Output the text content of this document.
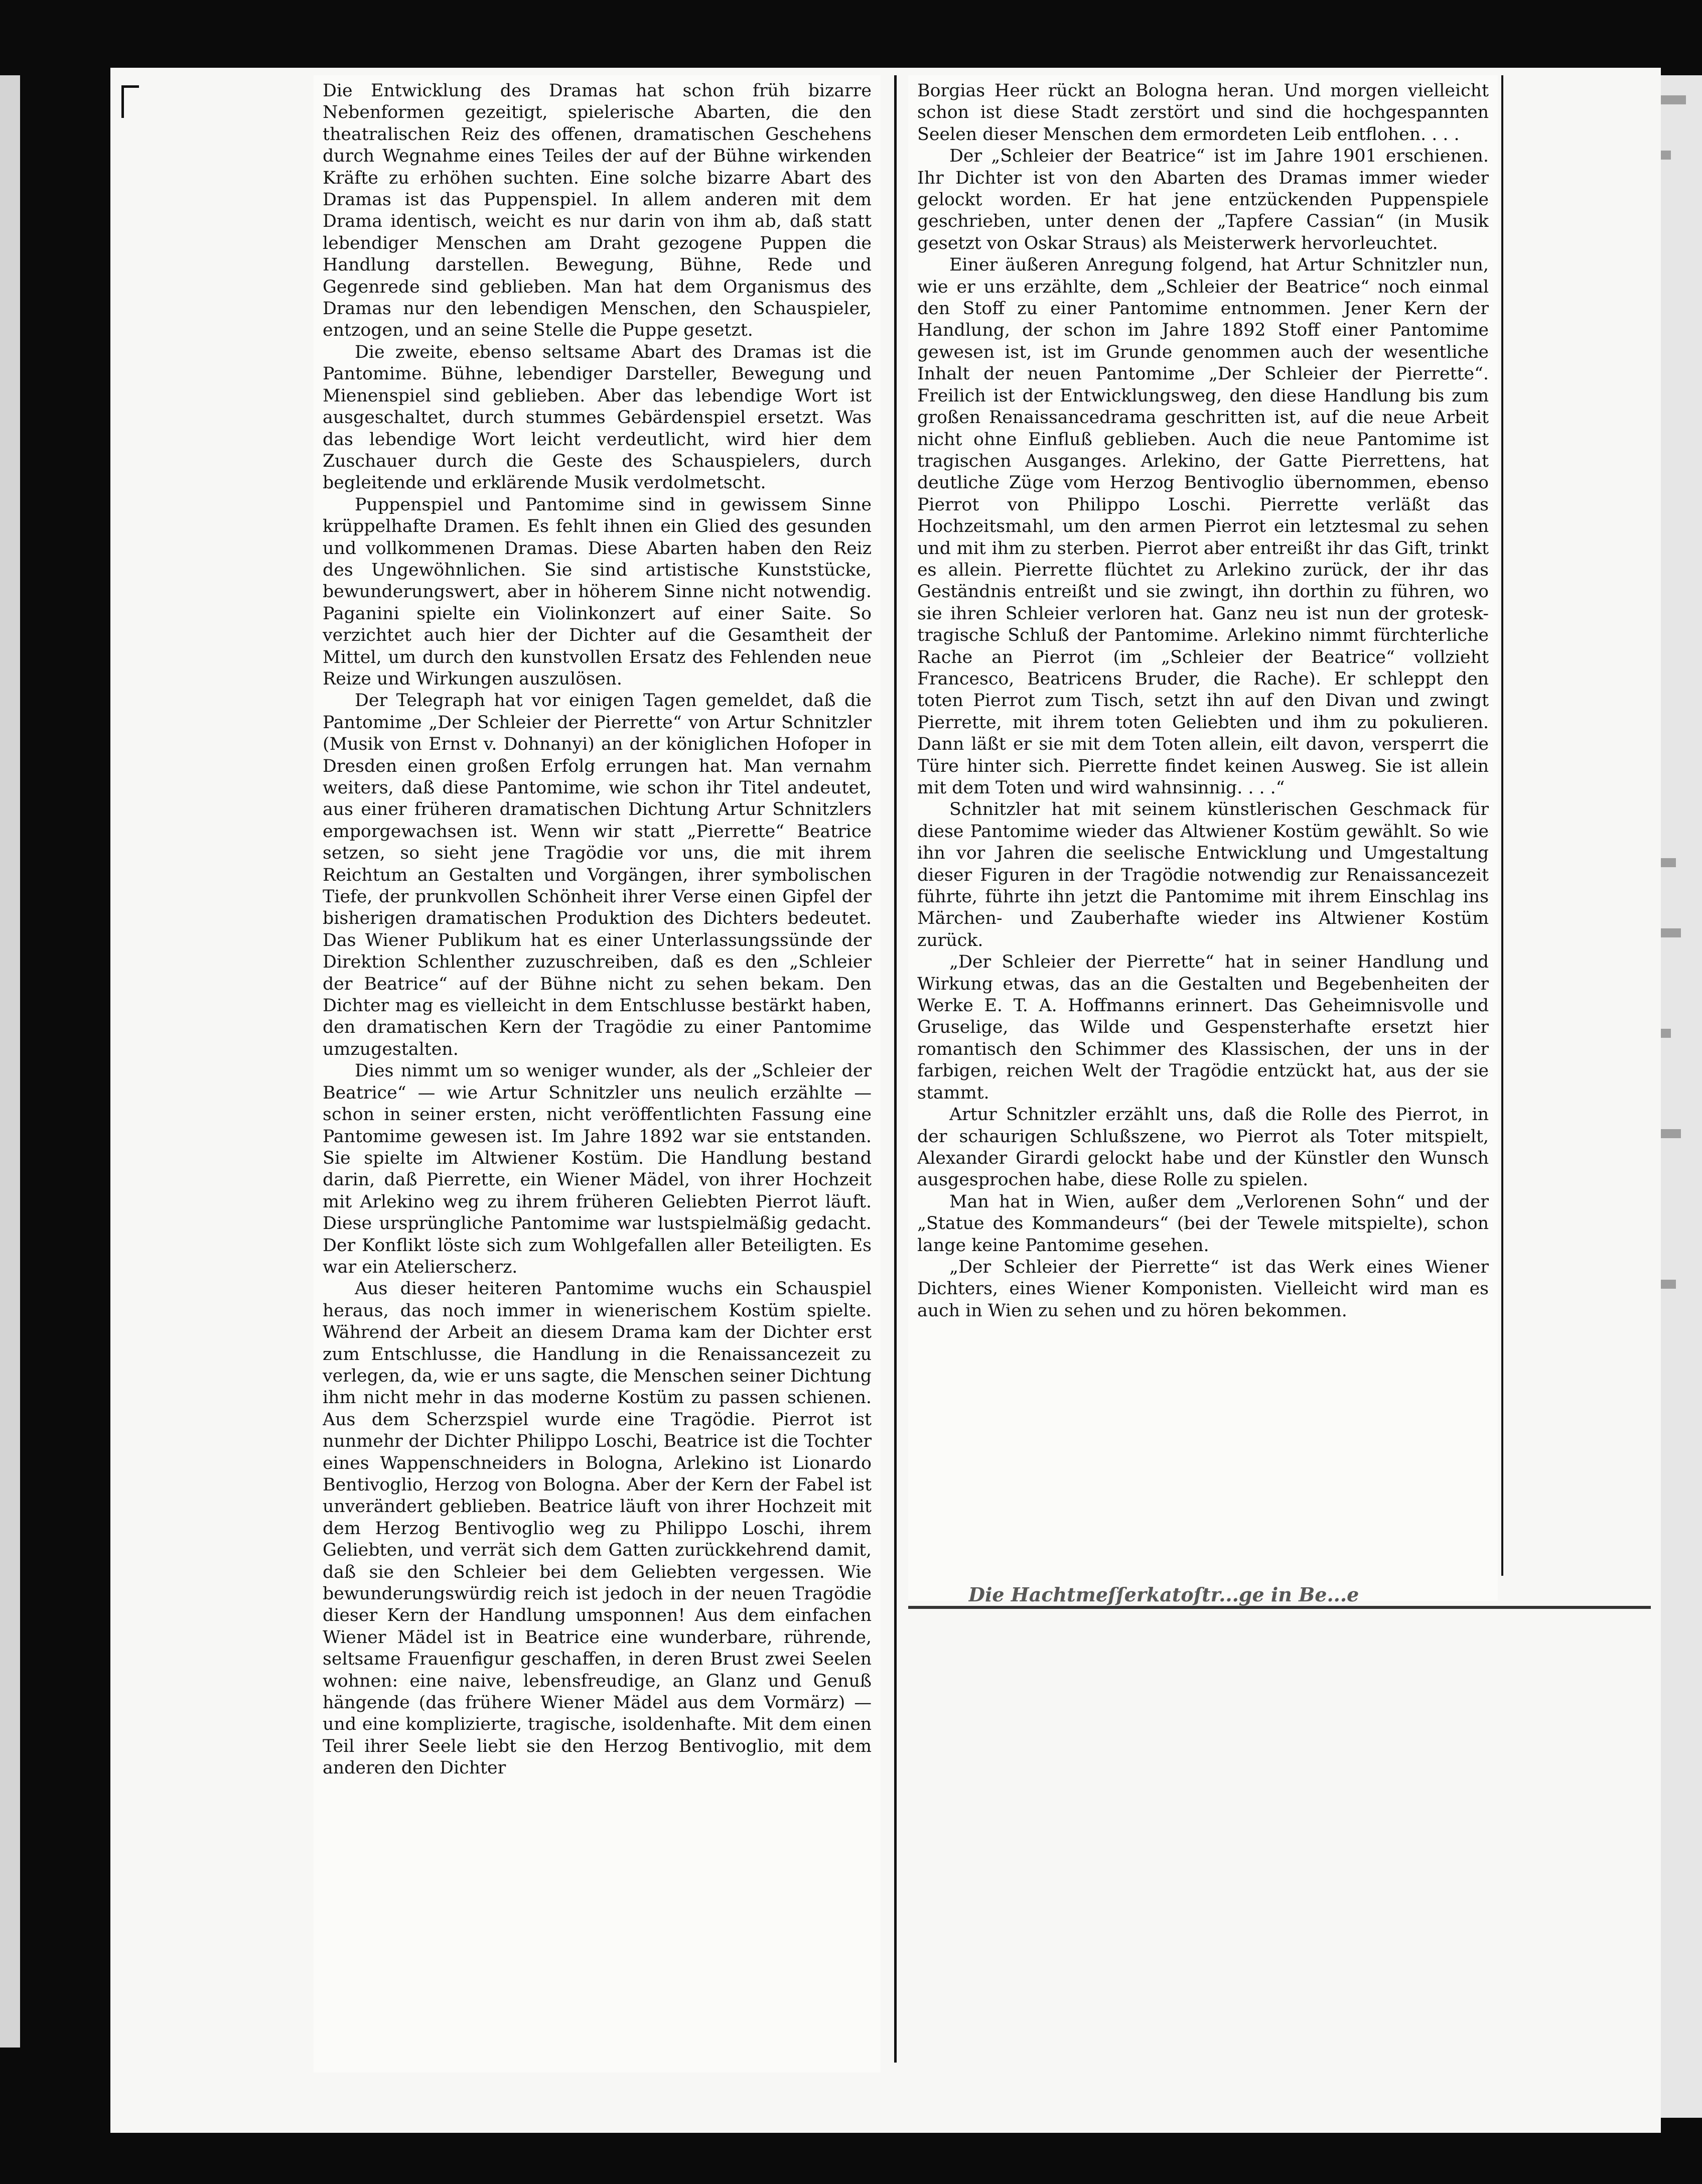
Die Entwicklung des Dramas hat schon früh bizarre Nebenformen gezeitigt, spielerische Abarten, die den theatralischen Reiz des offenen, dramatischen Geschehens durch Wegnahme eines Teiles der auf der Bühne wirkenden Kräfte zu erhöhen suchten. Eine solche bizarre Abart des Dramas ist das Puppenspiel. In allem anderen mit dem Drama identisch, weicht es nur darin von ihm ab, daß statt lebendiger Menschen am Draht gezogene Puppen die Handlung darstellen. Bewegung, Bühne, Rede und Gegenrede sind geblieben. Man hat dem Organismus des Dramas nur den lebendigen Menschen, den Schauspieler, entzogen, und an seine Stelle die Puppe gesetzt.

Die zweite, ebenso seltsame Abart des Dramas ist die Pantomime. Bühne, lebendiger Darsteller, Bewegung und Mienenspiel sind geblieben. Aber das lebendige Wort ist ausgeschaltet, durch stummes Gebärdenspiel ersetzt. Was das lebendige Wort leicht verdeutlicht, wird hier dem Zuschauer durch die Geste des Schauspielers, durch begleitende und erklärende Musik verdolmetscht.

Puppenspiel und Pantomime sind in gewissem Sinne krüppelhafte Dramen. Es fehlt ihnen ein Glied des gesunden und vollkommenen Dramas. Diese Abarten haben den Reiz des Ungewöhnlichen. Sie sind artistische Kunststücke, bewunderungswert, aber in höherem Sinne nicht notwendig. Paganini spielte ein Violinkonzert auf einer Saite. So verzichtet auch hier der Dichter auf die Gesamtheit der Mittel, um durch den kunstvollen Ersatz des Fehlenden neue Reize und Wirkungen auszulösen.

Der Telegraph hat vor einigen Tagen gemeldet, daß die Pantomime „Der Schleier der Pierrette“ von Artur Schnitzler (Musik von Ernst v. Dohnanyi) an der königlichen Hofoper in Dresden einen großen Erfolg errungen hat. Man vernahm weiters, daß diese Pantomime, wie schon ihr Titel andeutet, aus einer früheren dramatischen Dichtung Artur Schnitzlers emporgewachsen ist. Wenn wir statt „Pierrette“ Beatrice setzen, so sieht jene Tragödie vor uns, die mit ihrem Reichtum an Gestalten und Vorgängen, ihrer symbolischen Tiefe, der prunkvollen Schönheit ihrer Verse einen Gipfel der bisherigen dramatischen Produktion des Dichters bedeutet. Das Wiener Publikum hat es einer Unterlassungssünde der Direktion Schlenther zuzuschreiben, daß es den „Schleier der Beatrice“ auf der Bühne nicht zu sehen bekam. Den Dichter mag es vielleicht in dem Entschlusse bestärkt haben, den dramatischen Kern der Tragödie zu einer Pantomime umzugestalten.

Dies nimmt um so weniger wunder, als der „Schleier der Beatrice“ — wie Artur Schnitzler uns neulich erzählte — schon in seiner ersten, nicht veröffentlichten Fassung eine Pantomime gewesen ist. Im Jahre 1892 war sie entstanden. Sie spielte im Altwiener Kostüm. Die Handlung bestand darin, daß Pierrette, ein Wiener Mädel, von ihrer Hochzeit mit Arlekino weg zu ihrem früheren Geliebten Pierrot läuft. Diese ursprüngliche Pantomime war lustspielmäßig gedacht. Der Konflikt löste sich zum Wohlgefallen aller Beteiligten. Es war ein Atelierscherz.

Aus dieser heiteren Pantomime wuchs ein Schauspiel heraus, das noch immer in wienerischem Kostüm spielte. Während der Arbeit an diesem Drama kam der Dichter erst zum Entschlusse, die Handlung in die Renaissancezeit zu verlegen, da, wie er uns sagte, die Menschen seiner Dichtung ihm nicht mehr in das moderne Kostüm zu passen schienen. Aus dem Scherzspiel wurde eine Tragödie. Pierrot ist nunmehr der Dichter Philippo Loschi, Beatrice ist die Tochter eines Wappenschneiders in Bologna, Arlekino ist Lionardo Bentivoglio, Herzog von Bologna. Aber der Kern der Fabel ist unverändert geblieben. Beatrice läuft von ihrer Hochzeit mit dem Herzog Bentivoglio weg zu Philippo Loschi, ihrem Geliebten, und verrät sich dem Gatten zurückkehrend damit, daß sie den Schleier bei dem Geliebten vergessen. Wie bewunderungswürdig reich ist jedoch in der neuen Tragödie dieser Kern der Handlung umsponnen! Aus dem einfachen Wiener Mädel ist in Beatrice eine wunderbare, rührende, seltsame Frauenfigur geschaffen, in deren Brust zwei Seelen wohnen: eine naive, lebensfreudige, an Glanz und Genuß hängende (das frühere Wiener Mädel aus dem Vormärz) — und eine komplizierte, tragische, isoldenhafte. Mit dem einen Teil ihrer Seele liebt sie den Herzog Bentivoglio, mit dem anderen den Dichter

Borgias Heer rückt an Bologna heran. Und morgen vielleicht schon ist diese Stadt zerstört und sind die hochgespannten Seelen dieser Menschen dem ermordeten Leib entflohen. . . .

Der „Schleier der Beatrice“ ist im Jahre 1901 erschienen. Ihr Dichter ist von den Abarten des Dramas immer wieder gelockt worden. Er hat jene entzückenden Puppenspiele geschrieben, unter denen der „Tapfere Cassian“ (in Musik gesetzt von Oskar Straus) als Meisterwerk hervorleuchtet.

Einer äußeren Anregung folgend, hat Artur Schnitzler nun, wie er uns erzählte, dem „Schleier der Beatrice“ noch einmal den Stoff zu einer Pantomime entnommen. Jener Kern der Handlung, der schon im Jahre 1892 Stoff einer Pantomime gewesen ist, ist im Grunde genommen auch der wesentliche Inhalt der neuen Pantomime „Der Schleier der Pierrette“. Freilich ist der Entwicklungsweg, den diese Handlung bis zum großen Renaissancedrama geschritten ist, auf die neue Arbeit nicht ohne Einfluß geblieben. Auch die neue Pantomime ist tragischen Ausganges. Arlekino, der Gatte Pierrettens, hat deutliche Züge vom Herzog Bentivoglio übernommen, ebenso Pierrot von Philippo Loschi. Pierrette verläßt das Hochzeitsmahl, um den armen Pierrot ein letztesmal zu sehen und mit ihm zu sterben. Pierrot aber entreißt ihr das Gift, trinkt es allein. Pierrette flüchtet zu Arlekino zurück, der ihr das Geständnis entreißt und sie zwingt, ihn dorthin zu führen, wo sie ihren Schleier verloren hat. Ganz neu ist nun der grotesk-tragische Schluß der Pantomime. Arlekino nimmt fürchterliche Rache an Pierrot (im „Schleier der Beatrice“ vollzieht Francesco, Beatricens Bruder, die Rache). Er schleppt den toten Pierrot zum Tisch, setzt ihn auf den Divan und zwingt Pierrette, mit ihrem toten Geliebten und ihm zu pokulieren. Dann läßt er sie mit dem Toten allein, eilt davon, versperrt die Türe hinter sich. Pierrette findet keinen Ausweg. Sie ist allein mit dem Toten und wird wahnsinnig. . . .“

Schnitzler hat mit seinem künstlerischen Geschmack für diese Pantomime wieder das Altwiener Kostüm gewählt. So wie ihn vor Jahren die seelische Entwicklung und Umgestaltung dieser Figuren in der Tragödie notwendig zur Renaissancezeit führte, führte ihn jetzt die Pantomime mit ihrem Einschlag ins Märchen- und Zauberhafte wieder ins Altwiener Kostüm zurück.

„Der Schleier der Pierrette“ hat in seiner Handlung und Wirkung etwas, das an die Gestalten und Begebenheiten der Werke E. T. A. Hoffmanns erinnert. Das Geheimnisvolle und Gruselige, das Wilde und Gespensterhafte ersetzt hier romantisch den Schimmer des Klassischen, der uns in der farbigen, reichen Welt der Tragödie entzückt hat, aus der sie stammt.

Artur Schnitzler erzählt uns, daß die Rolle des Pierrot, in der schaurigen Schlußszene, wo Pierrot als Toter mitspielt, Alexander Girardi gelockt habe und der Künstler den Wunsch ausgesprochen habe, diese Rolle zu spielen.

Man hat in Wien, außer dem „Verlorenen Sohn“ und der „Statue des Kommandeurs“ (bei der Tewele mitspielte), schon lange keine Pantomime gesehen.

„Der Schleier der Pierrette“ ist das Werk eines Wiener Dichters, eines Wiener Komponisten. Vielleicht wird man es auch in Wien zu sehen und zu hören bekommen.

Die Hachtmeſſerkatoſtr...ge in Be...e
